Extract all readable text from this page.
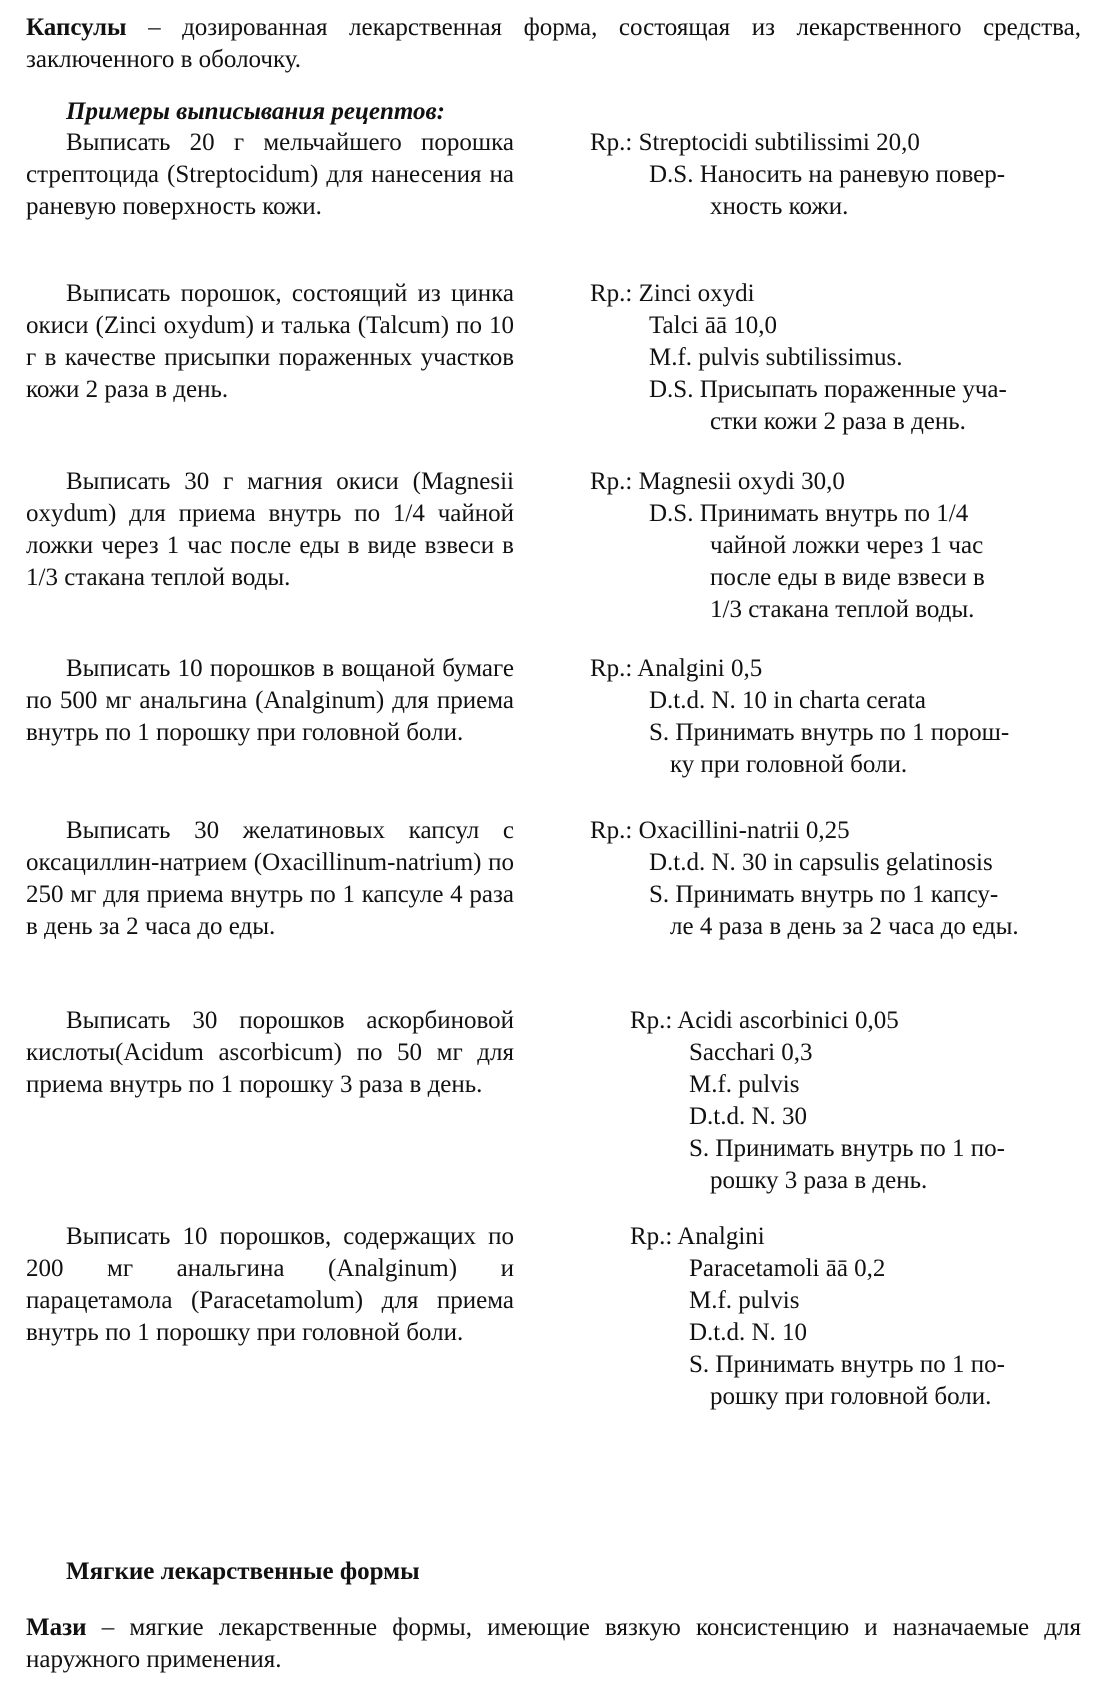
Капсулы – дозированная лекарственная форма, состоящая из лекарственного средства, заключенного в оболочку.
Примеры выписывания рецептов:
Выписать 20 г мельчайшего порошка стрептоцида (Streptocidum) для нанесения на раневую поверхность кожи.
Rp.: Streptocidi subtilissimi 20,0
D.S. Наносить на раневую повер-
хность кожи.
Выписать порошок, состоящий из цинка окиси (Zinci oxydum) и талька (Talcum) по 10 г в качестве присыпки пораженных участков кожи 2 раза в день.
Rp.: Zinci oxydi
Talci āā 10,0
M.f. pulvis subtilissimus.
D.S. Присыпать пораженные уча-
стки кожи 2 раза в день.
Выписать 30 г магния окиси (Magnesii oxydum) для приема внутрь по 1/4 чайной ложки через 1 час после еды в виде взвеси в 1/3 стакана теплой воды.
Rp.: Magnesii oxydi 30,0
D.S. Принимать внутрь по 1/4
чайной ложки через 1 час
после еды в виде взвеси в
1/3 стакана теплой воды.
Выписать 10 порошков в вощаной бумаге по 500 мг анальгина (Analginum) для приема внутрь по 1 порошку при головной боли.
Rp.: Analgini 0,5
D.t.d. N. 10 in charta cerata
S. Принимать внутрь по 1 порош-
ку при головной боли.
Выписать 30 желатиновых капсул с оксациллин-натрием (Oxacillinum-natrium) по 250 мг для приема внутрь по 1 капсуле 4 раза в день за 2 часа до еды.
Rp.: Oxacillini-natrii 0,25
D.t.d. N. 30 in capsulis gelatinosis
S. Принимать внутрь по 1 капсу-
ле 4 раза в день за 2 часа до еды.
Выписать 30 порошков аскорбиновой кислоты(Acidum ascorbicum) по 50 мг для приема внутрь по 1 порошку 3 раза в день.
Rp.: Acidi ascorbinici 0,05
Sacchari 0,3
M.f. pulvis
D.t.d. N. 30
S. Принимать внутрь по 1 по-
рошку 3 раза в день.
Выписать 10 порошков, содержащих по 200 мг анальгина (Analginum) и парацетамола (Paracetamolum) для приема внутрь по 1 порошку при головной боли.
Rp.: Analgini
Paracetamoli āā 0,2
M.f. pulvis
D.t.d. N. 10
S. Принимать внутрь по 1 по-
рошку при головной боли.
Мягкие лекарственные формы
Мази – мягкие лекарственные формы, имеющие вязкую консистенцию и назначаемые для наружного применения.
